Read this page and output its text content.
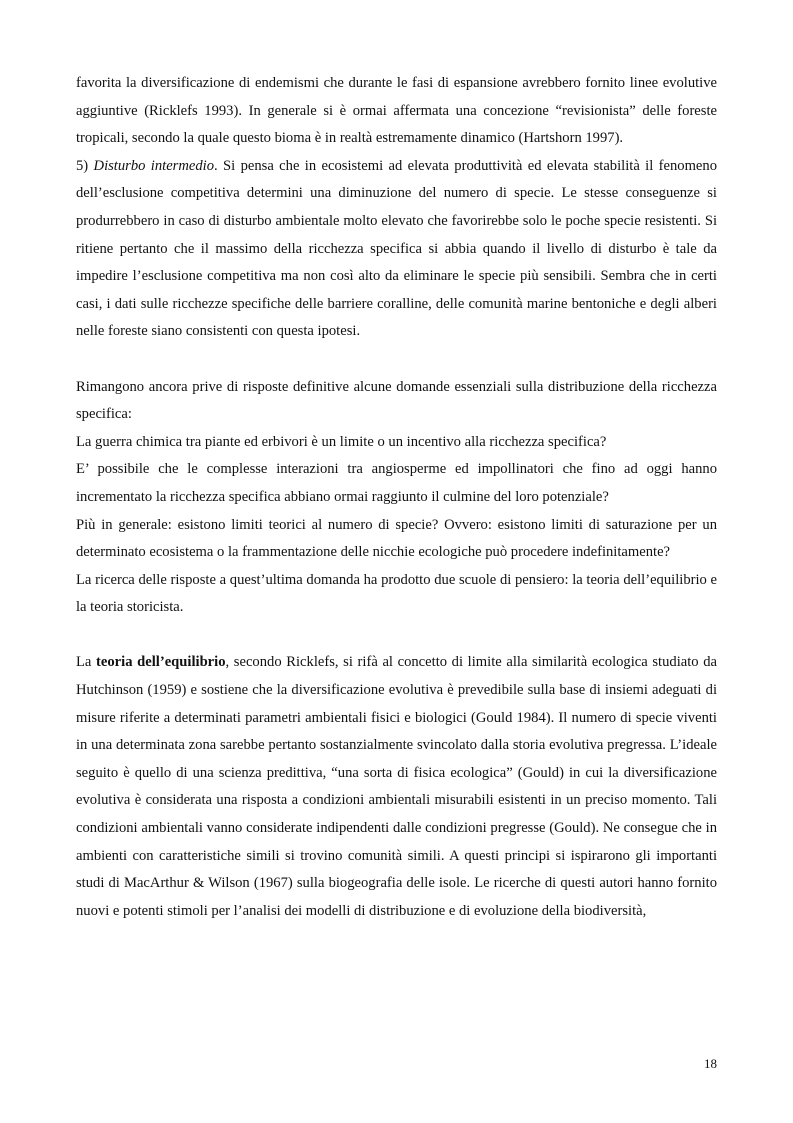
favorita la diversificazione di endemismi che durante le fasi di espansione avrebbero fornito linee evolutive aggiuntive (Ricklefs 1993). In generale si è ormai affermata una concezione “revisionista” delle foreste tropicali, secondo la quale questo bioma è in realtà estremamente dinamico (Hartshorn 1997).

5) Disturbo intermedio. Si pensa che in ecosistemi ad elevata produttività ed elevata stabilità il fenomeno dell’esclusione competitiva determini una diminuzione del numero di specie. Le stesse conseguenze si produrrebbero in caso di disturbo ambientale molto elevato che favorirebbe solo le poche specie resistenti. Si ritiene pertanto che il massimo della ricchezza specifica si abbia quando il livello di disturbo è tale da impedire l’esclusione competitiva ma non così alto da eliminare le specie più sensibili. Sembra che in certi casi, i dati sulle ricchezze specifiche delle barriere coralline, delle comunità marine bentoniche e degli alberi nelle foreste siano consistenti con questa ipotesi.

Rimangono ancora prive di risposte definitive alcune domande essenziali sulla distribuzione della ricchezza specifica:

La guerra chimica tra piante ed erbivori è un limite o un incentivo alla ricchezza specifica?

E’ possibile che le complesse interazioni tra angiosperme ed impollinatori che fino ad oggi hanno incrementato la ricchezza specifica abbiano ormai raggiunto il culmine del loro potenziale?

Più in generale: esistono limiti teorici al numero di specie? Ovvero: esistono limiti di saturazione per un determinato ecosistema o la frammentazione delle nicchie ecologiche può procedere indefinitamente?

La ricerca delle risposte a quest’ultima domanda ha prodotto due scuole di pensiero: la teoria dell’equilibrio e la teoria storicista.

La teoria dell’equilibrio, secondo Ricklefs, si rifà al concetto di limite alla similarità ecologica studiato da Hutchinson (1959) e sostiene che la diversificazione evolutiva è prevedibile sulla base di insiemi adeguati di misure riferite a determinati parametri ambientali fisici e biologici (Gould 1984). Il numero di specie viventi in una determinata zona sarebbe pertanto sostanzialmente svincolato dalla storia evolutiva pregressa. L’ideale seguito è quello di una scienza predittiva, “una sorta di fisica ecologica” (Gould) in cui la diversificazione evolutiva è considerata una risposta a condizioni ambientali misurabili esistenti in un preciso momento. Tali condizioni ambientali vanno considerate indipendenti dalle condizioni pregresse (Gould). Ne consegue che in ambienti con caratteristiche simili si trovino comunità simili. A questi principi si ispirarono gli importanti studi di MacArthur & Wilson (1967) sulla biogeografia delle isole. Le ricerche di questi autori hanno fornito nuovi e potenti stimoli per l’analisi dei modelli di distribuzione e di evoluzione della biodiversità,

18
